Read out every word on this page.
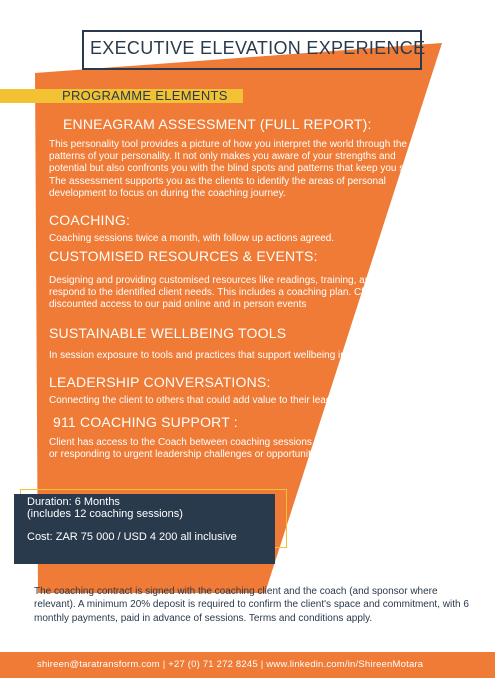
EXECUTIVE ELEVATION EXPERIENCE
PROGRAMME ELEMENTS
ENNEAGRAM ASSESSMENT (FULL REPORT):
This personality tool provides a picture of how you interpret the world through the
patterns of your personality. It not only makes you aware of your strengths and
potential but also confronts you with the blind spots and patterns that keep you stuck.
The assessment supports you as the clients to identify the areas of personal
development to focus on during the coaching journey.
COACHING:
Coaching sessions twice a month, with follow up actions agreed.
CUSTOMISED RESOURCES & EVENTS:
Designing and providing customised resources like readings, training, and tools that
respond to the identified client needs. This includes a coaching plan. Clients also have
discounted access to our paid online and in person events
SUSTAINABLE WELLBEING TOOLS
In session exposure to tools and practices that support wellbeing in the. long term..
LEADERSHIP CONVERSATIONS:
Connecting the client to others that could add value to their leadership journey.
911 COACHING SUPPORT :
Client has access to the Coach between coaching sessions to get support in addressing
or responding to urgent leadership challenges or opportunities .
Duration: 6 Months
(includes 12 coaching sessions)
Cost: ZAR 75 000 / USD 4 200 all inclusive
The coaching contract is signed with the coaching client and the coach (and sponsor where relevant). A minimum 20% deposit is required to confirm the client's space and commitment, with 6 monthly payments, paid in advance of sessions. Terms and conditions apply.
shireen@taratransform.com | +27 (0) 71 272 8245 | www.linkedin.com/in/ShireenMotara
